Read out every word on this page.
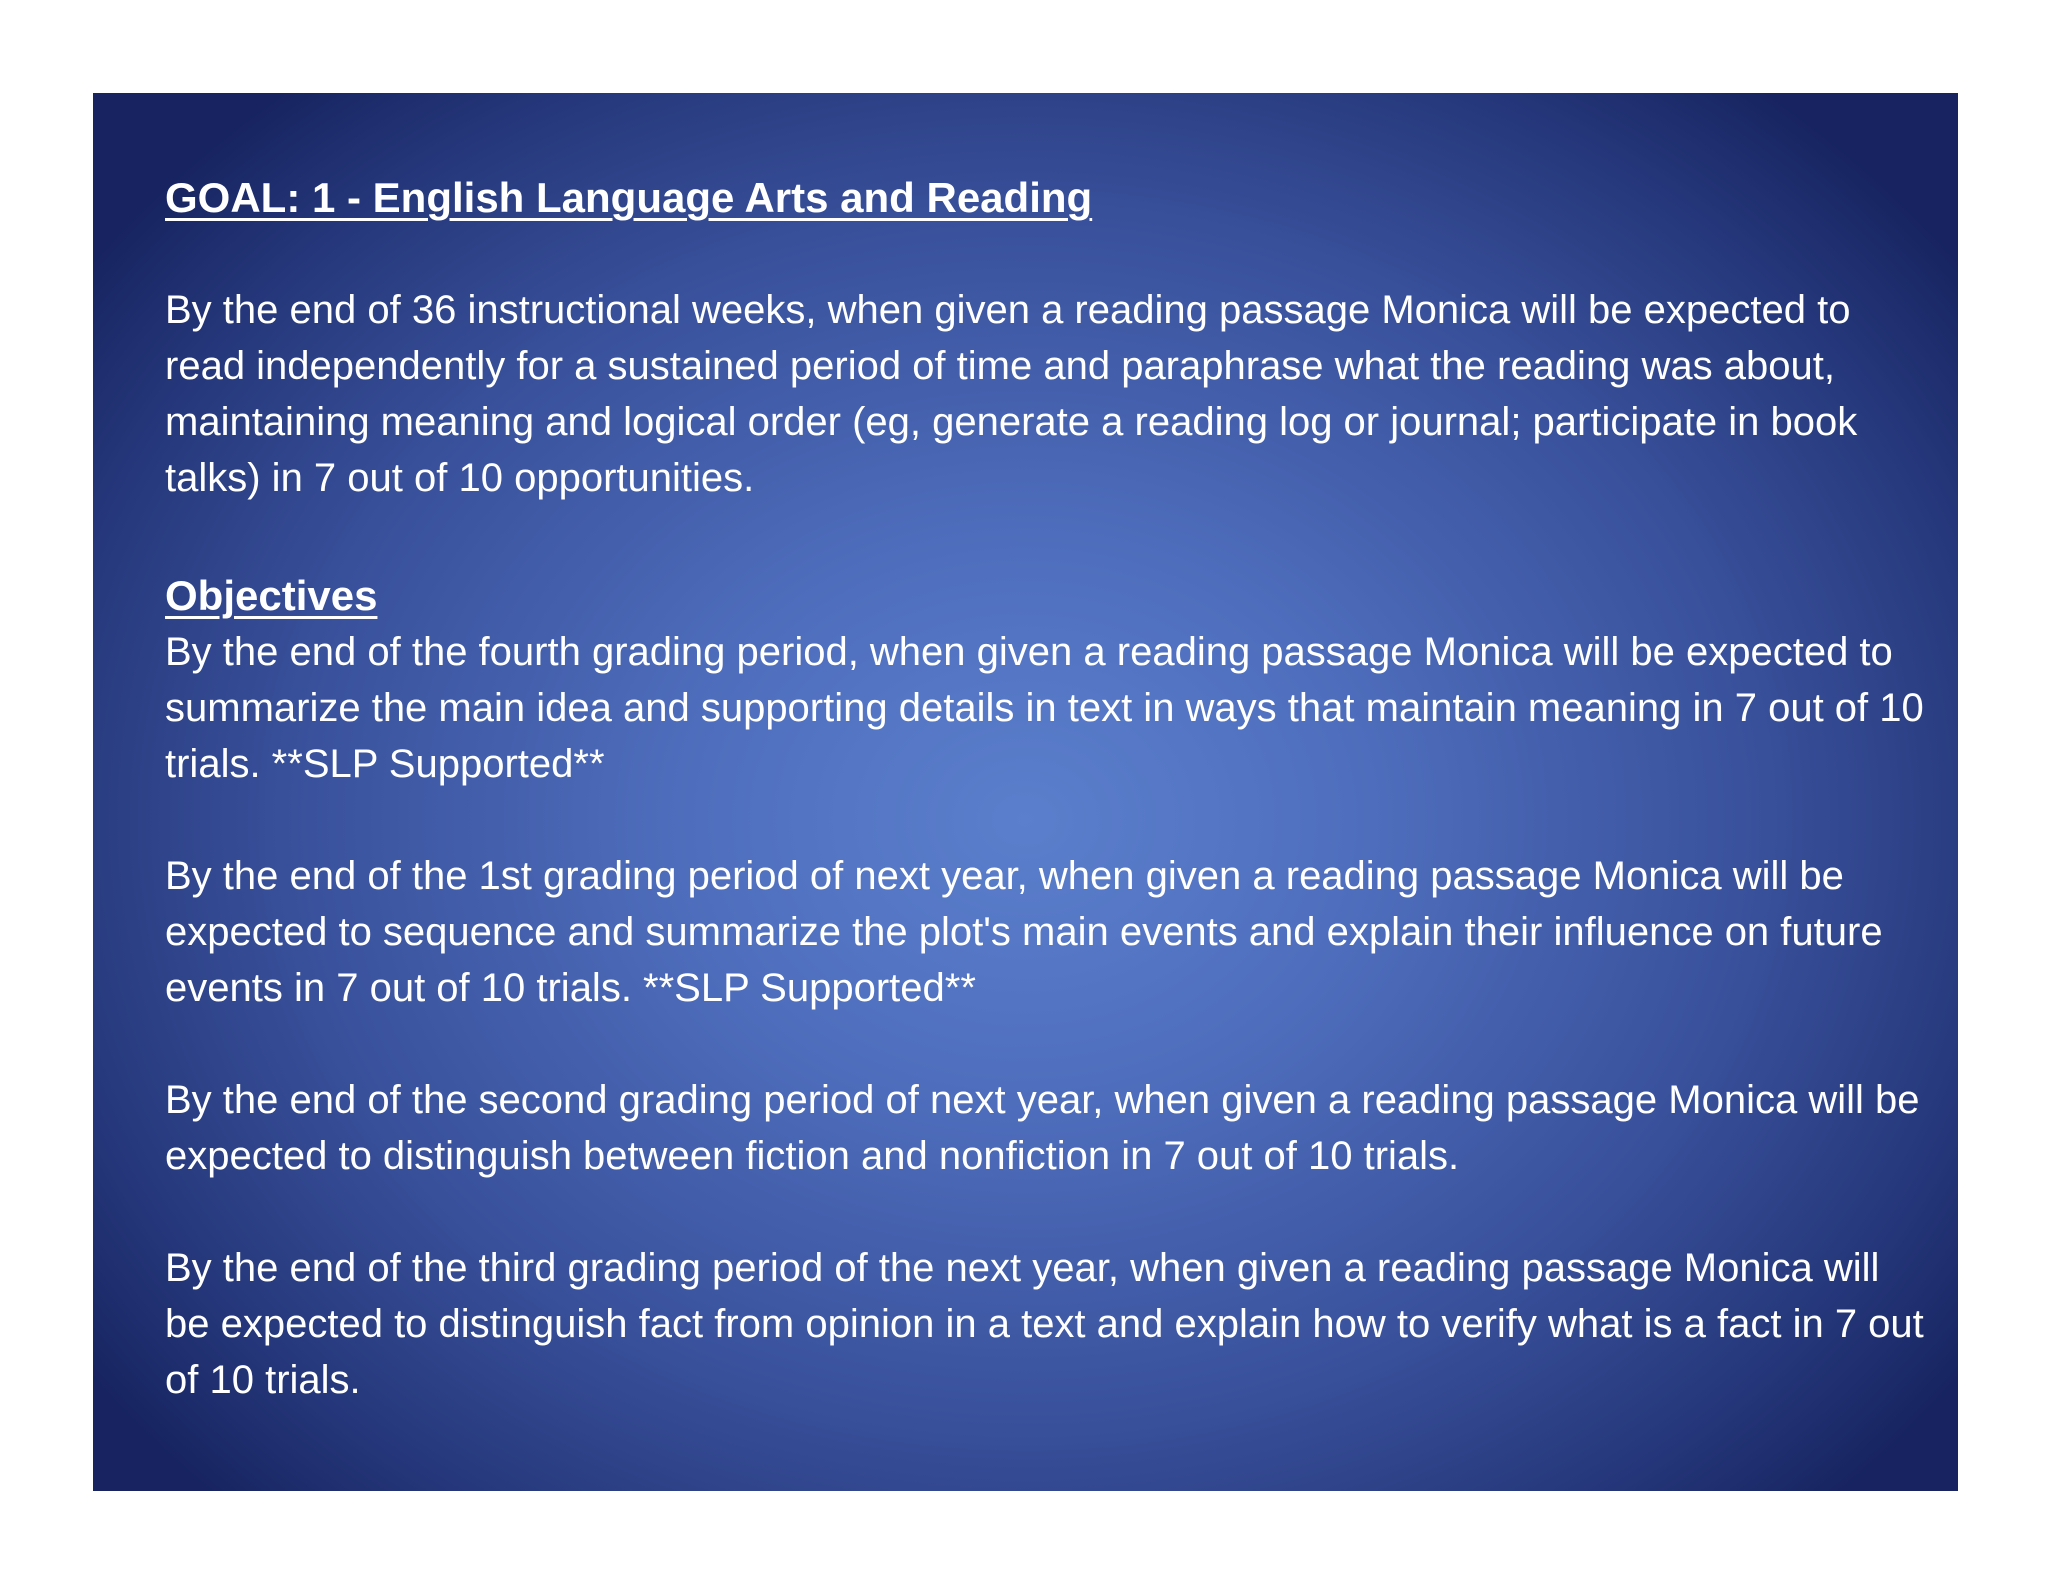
GOAL: 1 - English Language Arts and Reading

By the end of 36 instructional weeks, when given a reading passage Monica will be expected to read independently for a sustained period of time and paraphrase what the reading was about, maintaining meaning and logical order (eg, generate a reading log or journal; participate in book talks) in 7 out of 10 opportunities.

Objectives

By the end of the fourth grading period, when given a reading passage Monica will be expected to summarize the main idea and supporting details in text in ways that maintain meaning in 7 out of 10 trials. **SLP Supported**

By the end of the 1st grading period of next year, when given a reading passage Monica will be expected to sequence and summarize the plot's main events and explain their influence on future events in 7 out of 10 trials. **SLP Supported**

By the end of the second grading period of next year, when given a reading passage Monica will be expected to distinguish between fiction and nonfiction in 7 out of 10 trials.

By the end of the third grading period of the next year, when given a reading passage Monica will be expected to distinguish fact from opinion in a text and explain how to verify what is a fact in 7 out of 10 trials.
